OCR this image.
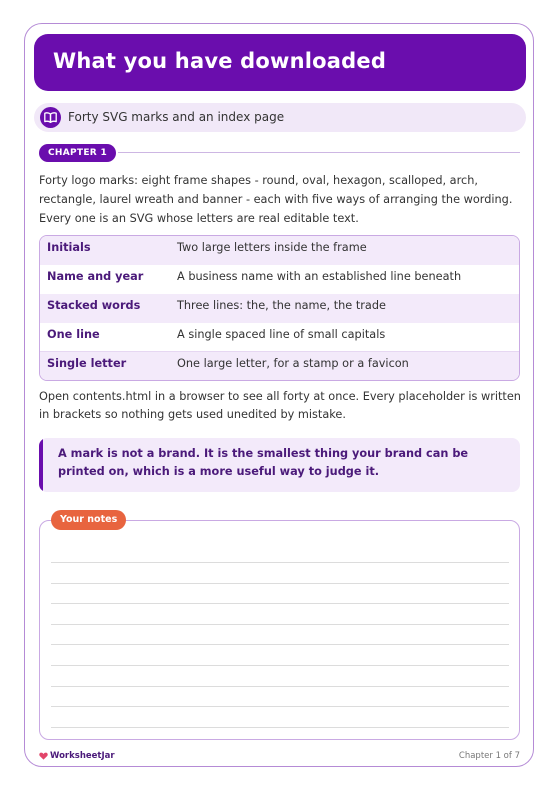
What you have downloaded
Forty SVG marks and an index page
CHAPTER 1

Forty logo marks: eight frame shapes - round, oval, hexagon, scalloped, arch, rectangle, laurel wreath and banner - each with five ways of arranging the wording. Every one is an SVG whose letters are real editable text.

Initials	Two large letters inside the frame
Name and year	A business name with an established line beneath
Stacked words	Three lines: the, the name, the trade
One line	A single spaced line of small capitals
Single letter	One large letter, for a stamp or a favicon

Open contents.html in a browser to see all forty at once. Every placeholder is written in brackets so nothing gets used unedited by mistake.

A mark is not a brand. It is the smallest thing your brand can be printed on, which is a more useful way to judge it.
Your notes
WorksheetJar	Chapter 1 of 7
